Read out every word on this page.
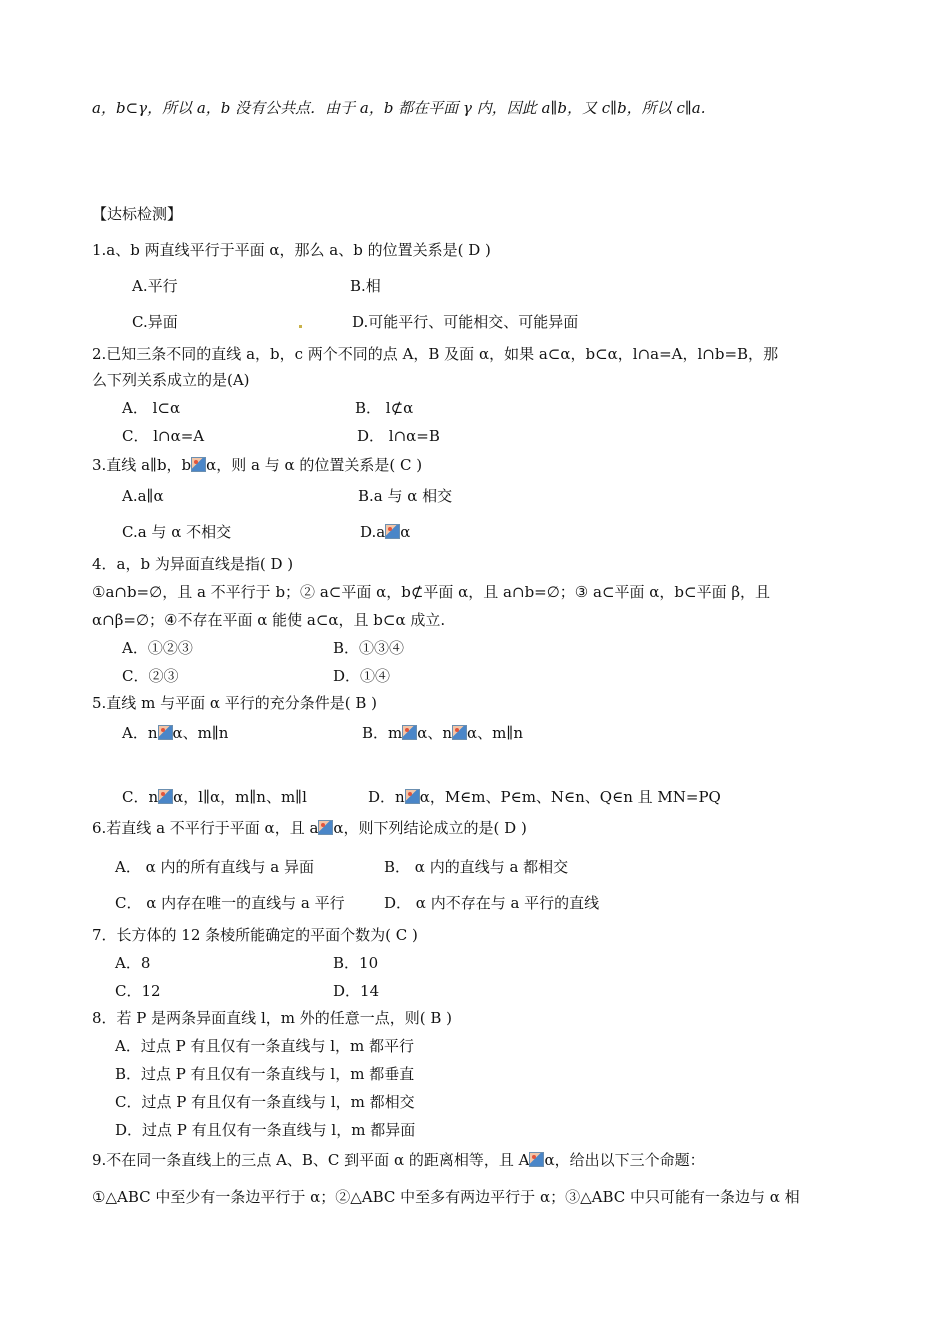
a，b⊂γ，所以 a，b 没有公共点．由于 a，b 都在平面 γ 内，因此 a∥b，又 c∥b，所以 c∥a.
【达标检测】
1.a、b 两直线平行于平面 α，那么 a、b 的位置关系是( D )
A.平行	B.相
C.异面	D.可能平行、可能相交、可能异面
2.已知三条不同的直线 a，b，c 两个不同的点 A，B 及面 α，如果 a⊂α，b⊂α，l∩a=A，l∩b=B，那
么下列关系成立的是(A)
A． l⊂α	B． l⊄α
C． l∩α=A	D． l∩α=B
3.直线 a∥b，b α，则 a 与 α 的位置关系是( C )
A.a∥α	B.a 与 α 相交
C.a 与 α 不相交	D.a α
4．a，b 为异面直线是指( D )
①a∩b=∅，且 a 不平行于 b；② a⊂平面 α，b⊄平面 α，且 a∩b=∅；③ a⊂平面 α，b⊂平面 β，且
α∩β=∅；④不存在平面 α 能使 a⊂α，且 b⊂α 成立.
A．①②③	B．①③④
C．②③	D．①④
5.直线 m 与平面 α 平行的充分条件是( B )
A．n α、m∥n	B．m α、n α、m∥n
C．n α，l∥α，m∥n、m∥l	D．n α，M∈m、P∈m、N∈n、Q∈n 且 MN=PQ
6.若直线 a 不平行于平面 α，且 a α，则下列结论成立的是( D )
A． α 内的所有直线与 a 异面	B． α 内的直线与 a 都相交
C． α 内存在唯一的直线与 a 平行	D． α 内不存在与 a 平行的直线
7．长方体的 12 条棱所能确定的平面个数为( C )
A．8	B．10
C．12	D．14
8．若 P 是两条异面直线 l，m 外的任意一点，则( B )
A．过点 P 有且仅有一条直线与 l，m 都平行
B．过点 P 有且仅有一条直线与 l，m 都垂直
C．过点 P 有且仅有一条直线与 l，m 都相交
D．过点 P 有且仅有一条直线与 l，m 都异面
9.不在同一条直线上的三点 A、B、C 到平面 α 的距离相等，且 A α，给出以下三个命题：
①△ABC 中至少有一条边平行于 α；②△ABC 中至多有两边平行于 α；③△ABC 中只可能有一条边与 α 相
